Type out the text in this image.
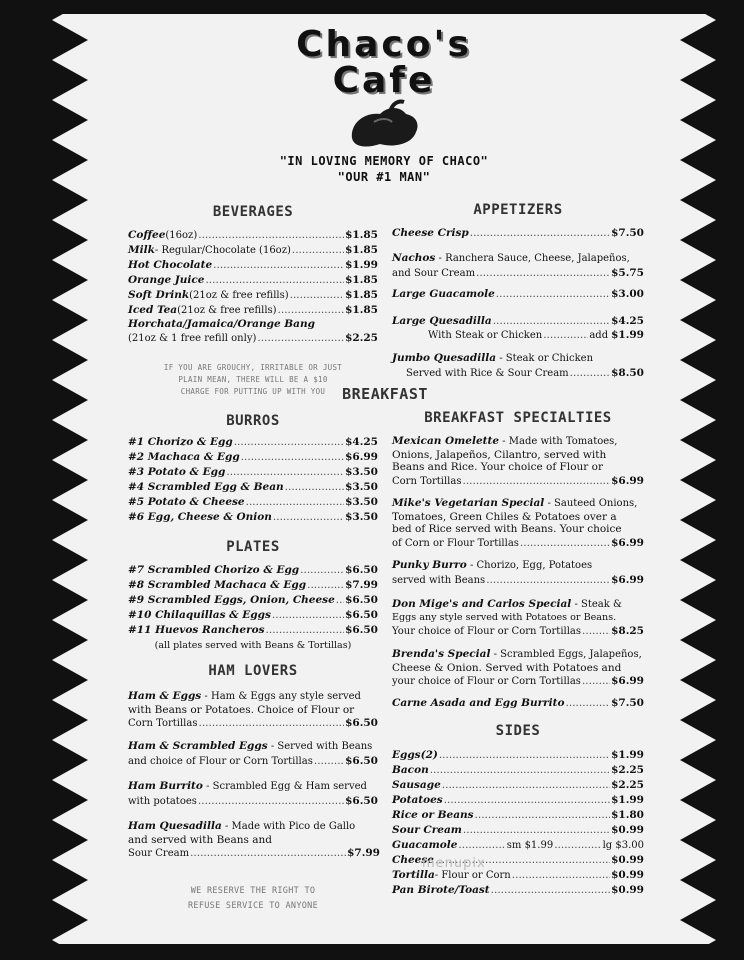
Chaco's
Cafe
"IN LOVING MEMORY OF CHACO"
"OUR #1 MAN"
BEVERAGES
Coffee (16oz) .....	$1.85
Milk - Regular/Chocolate (16oz) .....	$1.85
Hot Chocolate .....	$1.99
Orange Juice .....	$1.85
Soft Drink (21oz & free refills) .....	$1.85
Iced Tea (21oz & free refills) .....	$1.85
Horchata/Jamaica/Orange Bang
(21oz & 1 free refill only) .....	$2.25
IF YOU ARE GROUCHY, IRRITABLE OR JUST
PLAIN MEAN, THERE WILL BE A $10
CHARGE FOR PUTTING UP WITH YOU
BURROS
#1 Chorizo & Egg .....	$4.25
#2 Machaca & Egg .....	$6.99
#3 Potato & Egg .....	$3.50
#4 Scrambled Egg & Bean .....	$3.50
#5 Potato & Cheese .....	$3.50
#6 Egg, Cheese & Onion .....	$3.50
PLATES
#7 Scrambled Chorizo & Egg .....	$6.50
#8 Scrambled Machaca & Egg .....	$7.99
#9 Scrambled Eggs, Onion, Cheese ..... $6.50
#10 Chilaquillas & Eggs .....	$6.50
#11 Huevos Rancheros .....	$6.50
(all plates served with Beans & Tortillas)
HAM LOVERS
Ham & Eggs - Ham & Eggs any style served
with Beans or Potatoes. Choice of Flour or
Corn Tortillas .....	$6.50
Ham & Scrambled Eggs - Served with Beans
and choice of Flour or Corn Tortillas .....	$6.50
Ham Burrito - Scrambled Egg & Ham served
with potatoes .....	$6.50
Ham Quesadilla - Made with Pico de Gallo
and served with Beans and
Sour Cream .....	$7.99
WE RESERVE THE RIGHT TO
REFUSE SERVICE TO ANYONE
APPETIZERS
Cheese Crisp .....	$7.50
Nachos - Ranchera Sauce, Cheese, Jalapeños,
and Sour Cream .....	$5.75
Large Guacamole .....	$3.00
Large Quesadilla .....	$4.25
With Steak or Chicken .....	add $1.99
Jumbo Quesadilla - Steak or Chicken
Served with Rice & Sour Cream .....	$8.50
BREAKFAST
BREAKFAST SPECIALTIES
Mexican Omelette - Made with Tomatoes,
Onions, Jalapeños, Cilantro, served with
Beans and Rice. Your choice of Flour or
Corn Tortillas .....	$6.99
Mike's Vegetarian Special - Sauteed Onions,
Tomatoes, Green Chiles & Potatoes over a
bed of Rice served with Beans. Your choice
of Corn or Flour Tortillas .....	$6.99
Punky Burro - Chorizo, Egg, Potatoes
served with Beans .....	$6.99
Don Mige's and Carlos Special - Steak &
Eggs any style served with Potatoes or Beans.
Your choice of Flour or Corn Tortillas .....	$8.25
Brenda's Special - Scrambled Eggs, Jalapeños,
Cheese & Onion. Served with Potatoes and
your choice of Flour or Corn Tortillas .....	$6.99
Carne Asada and Egg Burrito .....	$7.50
SIDES
Eggs(2) .....	$1.99
Bacon .....	$2.25
Sausage .....	$2.25
Potatoes .....	$1.99
Rice or Beans .....	$1.80
Sour Cream .....	$0.99
Guacamole .....	sm $1.99 .....	lg $3.00
Cheese .....	$0.99
Tortilla - Flour or Corn .....	$0.99
Pan Birote/Toast .....	$0.99
menupix
